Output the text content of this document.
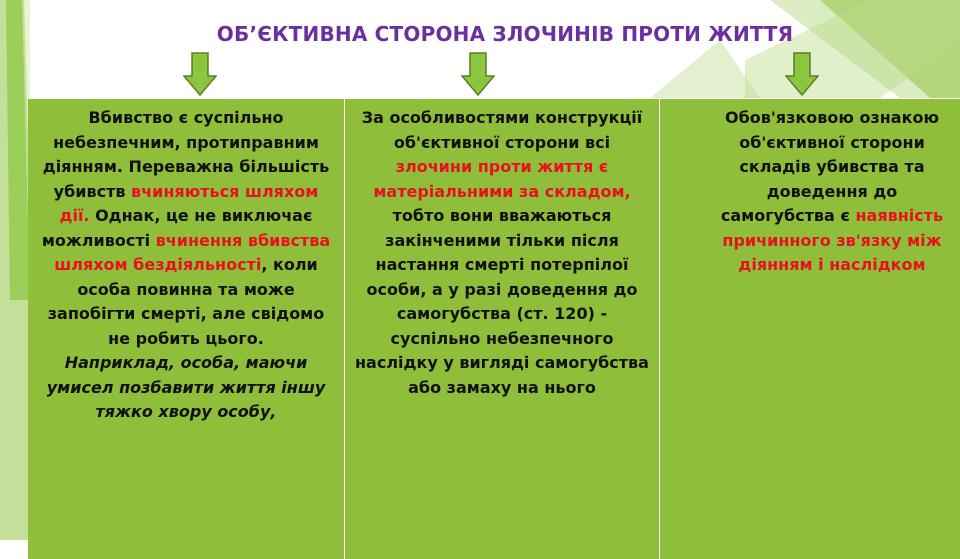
ОБ’ЄКТИВНА СТОРОНА ЗЛОЧИНІВ ПРОТИ ЖИТТЯ
Вбивство є суспільно небезпечним, протиправним діянням. Переважна більшість убивств вчиняються шляхом дії. Однак, це не виключає можливості вчинення вбивства шляхом бездіяльності, коли особа повинна та може запобігти смерті, але свідомо не робить цього.
Наприклад, особа, маючи умисел позбавити життя іншу тяжко хвору особу,
За особливостями конструкції об'єктивної сторони всі злочини проти життя є матеріальними за складом, тобто вони вважаються закінченими тільки після настання смерті потерпілої особи, а у разі доведення до самогубства (ст. 120) - суспільно небезпечного наслідку у вигляді самогубства або замаху на нього
Обов'язковою ознакою
об'єктивної сторони
складів убивства та
доведення до
самогубства є наявність
причинного зв'язку між
діянням і наслідком
